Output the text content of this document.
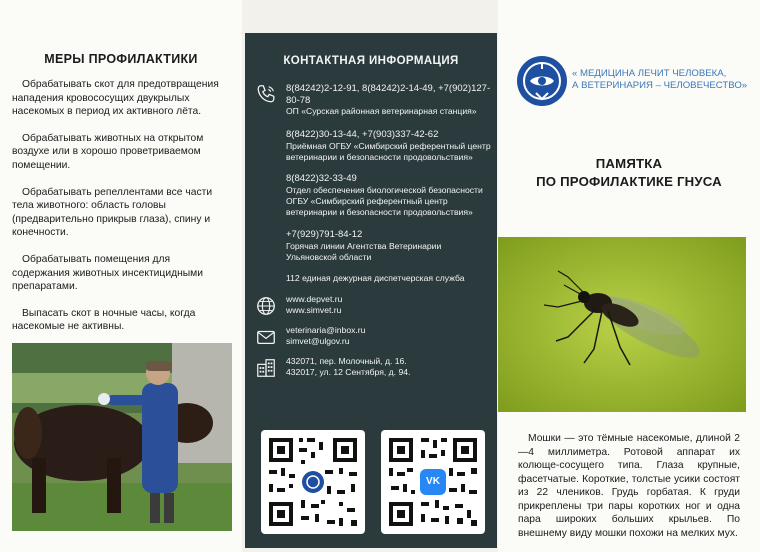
МЕРЫ ПРОФИЛАКТИКИ

Обрабатывать скот для предотвращения нападения кровососущих двукрылых насекомых в период их активного лёта.

Обрабатывать животных на открытом воздухе или в хорошо проветриваемом помещении.

Обрабатывать репеллентами все части тела животного: область головы (предварительно прикрыв глаза), спину и конечности.

Обрабатывать помещения для содержания животных инсектицидными препаратами.

Выпасать скот в ночные часы, когда насекомые не активны.

КОНТАКТНАЯ ИНФОРМАЦИЯ
8(84242)2-12-91, 8(84242)2-14-49, +7(902)127-80-78
ОП «Сурская районная ветеринарная станция»
8(8422)30-13-44, +7(903)337-42-62
Приёмная ОГБУ «Симбирский референтный центр ветеринарии и безопасности продовольствия»
8(8422)32-33-49
Отдел обеспечения биологической безопасности ОГБУ «Симбирский референтный центр ветеринарии и безопасности продовольствия»
+7(929)791-84-12
Горячая линии Агентства Ветеринарии Ульяновской области
112 единая дежурная диспетчерская служба
www.depvet.ru
www.simvet.ru
veterinaria@inbox.ru
simvet@ulgov.ru
432071, пер. Молочный, д. 16.
432017, ул. 12 Сентября, д. 94.
VK
« МЕДИЦИНА ЛЕЧИТ ЧЕЛОВЕКА,
А ВЕТЕРИНАРИЯ – ЧЕЛОВЕЧЕСТВО»
ПАМЯТКА
ПО ПРОФИЛАКТИКЕ ГНУСА

Мошки — это тёмные насекомые, длиной 2—4 миллиметра. Ротовой аппарат их колюще-сосущего типа. Глаза крупные, фасетчатые. Короткие, толстые усики состоят из 22 члеников. Грудь горбатая. К груди прикреплены три пары коротких ног и одна пара широких больших крыльев. По внешнему виду мошки похожи на мелких мух.
